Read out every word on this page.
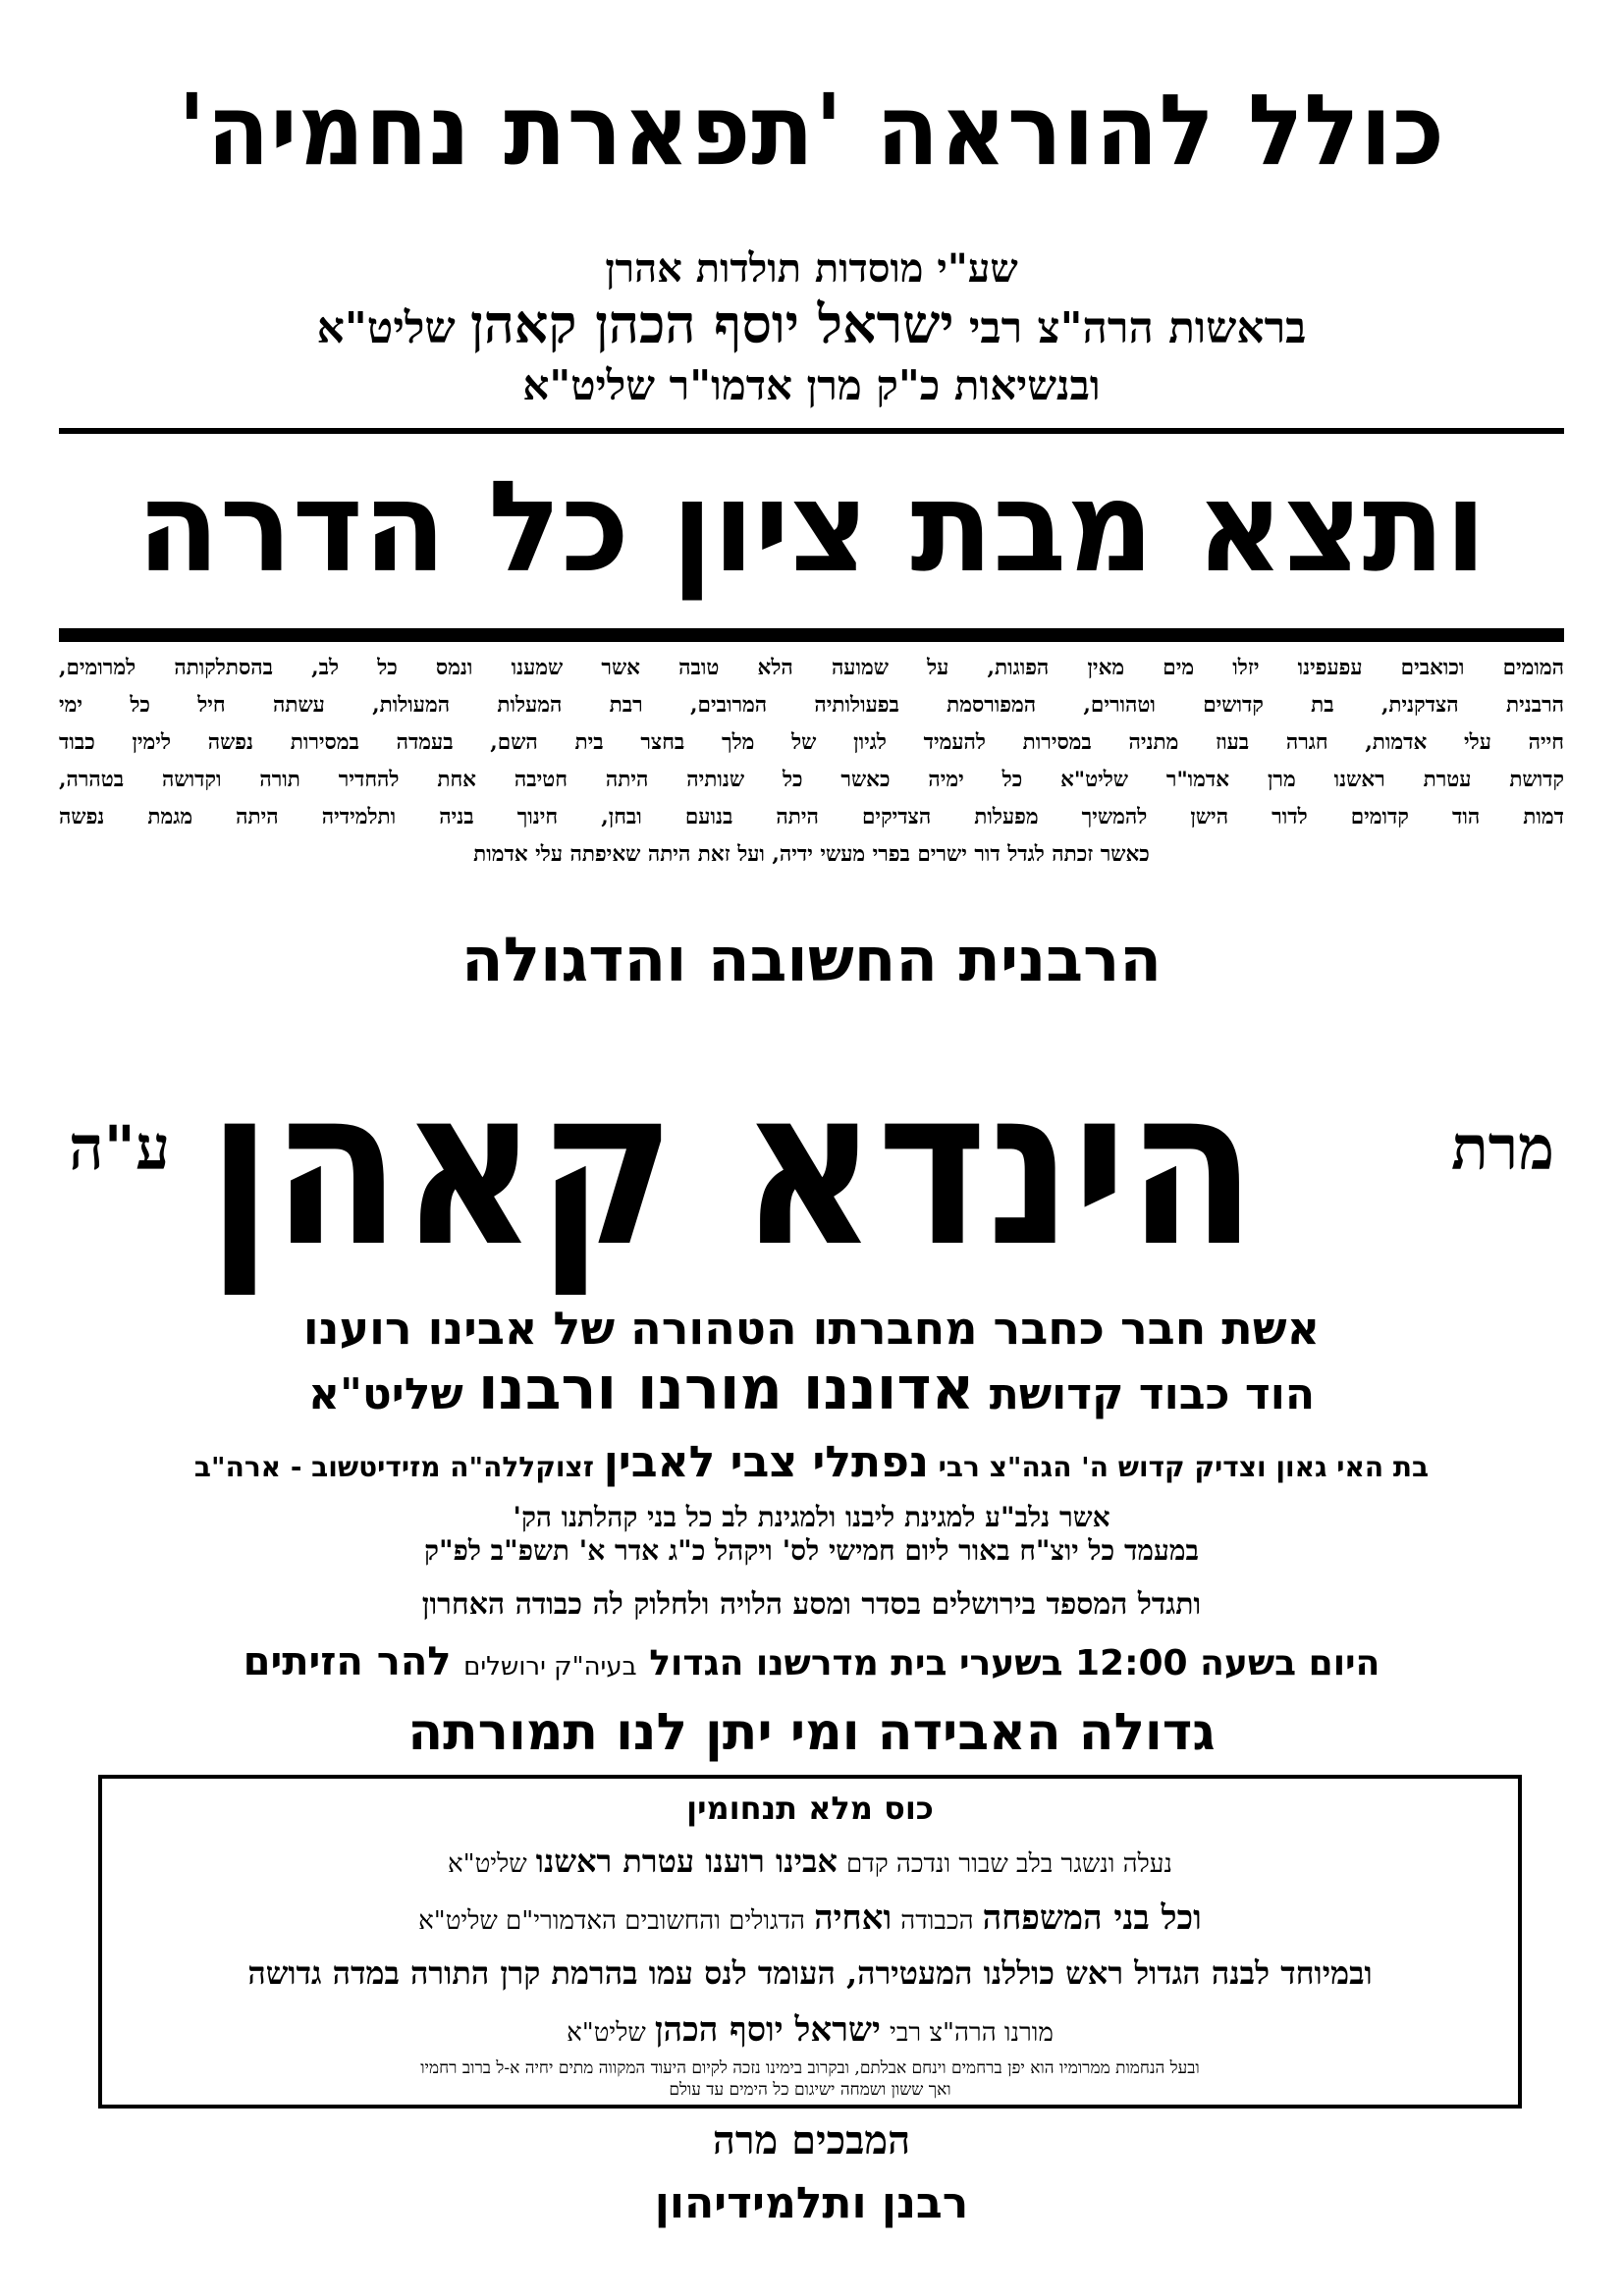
כולל להוראה 'תפארת נחמיה'
שע"י מוסדות תולדות אהרן
בראשות הרה"צ רבי ישראל יוסף הכהן קאהן שליט"א
ובנשיאות כ"ק מרן אדמו"ר שליט"א
ותצא מבת ציון כל הדרה
המומים וכואבים עפעפינו יזלו מים מאין הפוגות, על שמועה הלא טובה אשר שמענו ונמס כל לב, בהסתלקותה למרומים,
הרבנית הצדקנית, בת קדושים וטהורים, המפורסמת בפעולותיה המרובים, רבת המעלות המעולות, עשתה חיל כל ימי
חייה עלי אדמות, חגרה בעוז מתניה במסירות להעמיד לגיון של מלך בחצר בית השם, בעמדה במסירות נפשה לימין כבוד
קדושת עטרת ראשנו מרן אדמו"ר שליט"א כל ימיה כאשר כל שנותיה היתה חטיבה אחת להחדיר תורה וקדושה בטהרה,
דמות הוד קדומים לדור הישן להמשיך מפעלות הצדיקים היתה בנועם ובחן, חינוך בניה ותלמידיה היתה מגמת נפשה
כאשר זכתה לגדל דור ישרים בפרי מעשי ידיה, ועל זאת היתה שאיפתה עלי אדמות
הרבנית החשובה והדגולה
מרת
הינדא קאהן
ע"ה
אשת חבר כחבר מחברתו הטהורה של אבינו רוענו
הוד כבוד קדושת אדוננו מורנו ורבנו שליט"א
בת האי גאון וצדיק קדוש ה' הגה"צ רבי נפתלי צבי לאבין זצוקללה"ה מזידיטשוב - ארה"ב
אשר נלב"ע למגינת ליבנו ולמגינת לב כל בני קהלתנו הק'
במעמד כל יוצ"ח באור ליום חמישי לס' ויקהל כ"ג אדר א' תשפ"ב לפ"ק
ותגדל המספד בירושלים בסדר ומסע הלויה ולחלוק לה כבודה האחרון
היום בשעה 12:00 בשערי בית מדרשנו הגדול בעיה"ק ירושלים להר הזיתים
גדולה האבידה ומי יתן לנו תמורתה
כוס מלא תנחומין
נעלה ונשגר בלב שבור ונדכה קדם אבינו רוענו עטרת ראשנו שליט"א
וכל בני המשפחה הכבודה ואחיה הדגולים והחשובים האדמורי"ם שליט"א
ובמיוחד לבנה הגדול ראש כוללנו המעטירה, העומד לנס עמו בהרמת קרן התורה במדה גדושה
מורנו הרה"צ רבי ישראל יוסף הכהן שליט"א
ובעל הנחמות ממרומיו הוא יפן ברחמים וינחם אבלתם, ובקרוב בימינו נזכה לקיום היעוד המקווה מתים יחיה א-ל ברוב רחמיו
ואך ששון ושמחה ישיגום כל הימים עד עולם
המבכים מרה
רבנן ותלמידיהון
